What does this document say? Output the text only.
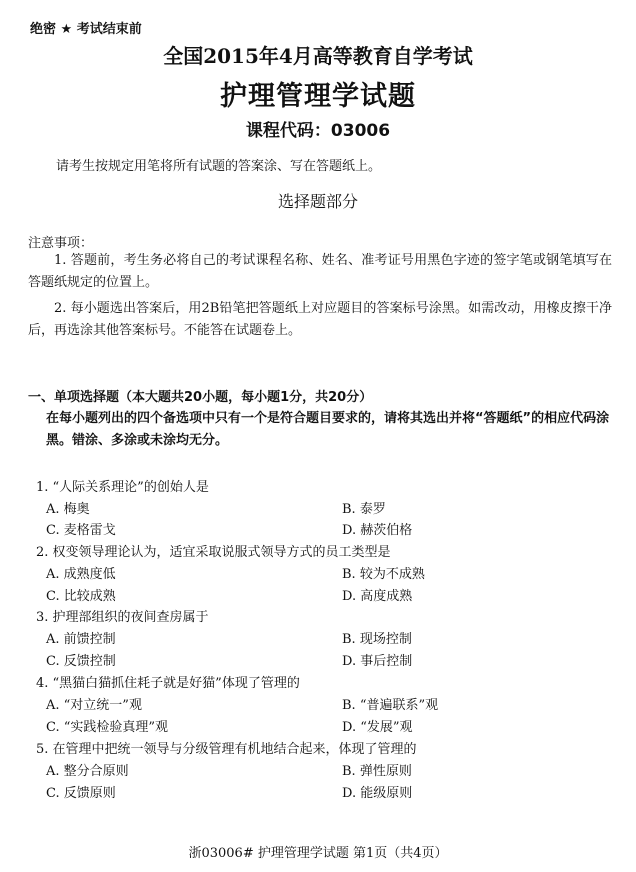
绝密 ★ 考试结束前
全国2015年4月高等教育自学考试
护理管理学试题
课程代码：03006
请考生按规定用笔将所有试题的答案涂、写在答题纸上。
选择题部分
注意事项：
1. 答题前，考生务必将自己的考试课程名称、姓名、准考证号用黑色字迹的签字笔或钢笔填写在答题纸规定的位置上。
2. 每小题选出答案后，用2B铅笔把答题纸上对应题目的答案标号涂黑。如需改动，用橡皮擦干净后，再选涂其他答案标号。不能答在试题卷上。
一、单项选择题（本大题共20小题，每小题1分，共20分）
在每小题列出的四个备选项中只有一个是符合题目要求的，请将其选出并将“答题纸”的相应代码涂黑。错涂、多涂或未涂均无分。
1. “人际关系理论”的创始人是
A. 梅奥	B. 泰罗
C. 麦格雷戈	D. 赫茨伯格
2. 权变领导理论认为，适宜采取说服式领导方式的员工类型是
A. 成熟度低	B. 较为不成熟
C. 比较成熟	D. 高度成熟
3. 护理部组织的夜间查房属于
A. 前馈控制	B. 现场控制
C. 反馈控制	D. 事后控制
4. “黑猫白猫抓住耗子就是好猫”体现了管理的
A. “对立统一”观	B. “普遍联系”观
C. “实践检验真理”观	D. “发展”观
5. 在管理中把统一领导与分级管理有机地结合起来，体现了管理的
A. 整分合原则	B. 弹性原则
C. 反馈原则	D. 能级原则
浙03006# 护理管理学试题 第1页（共4页）
